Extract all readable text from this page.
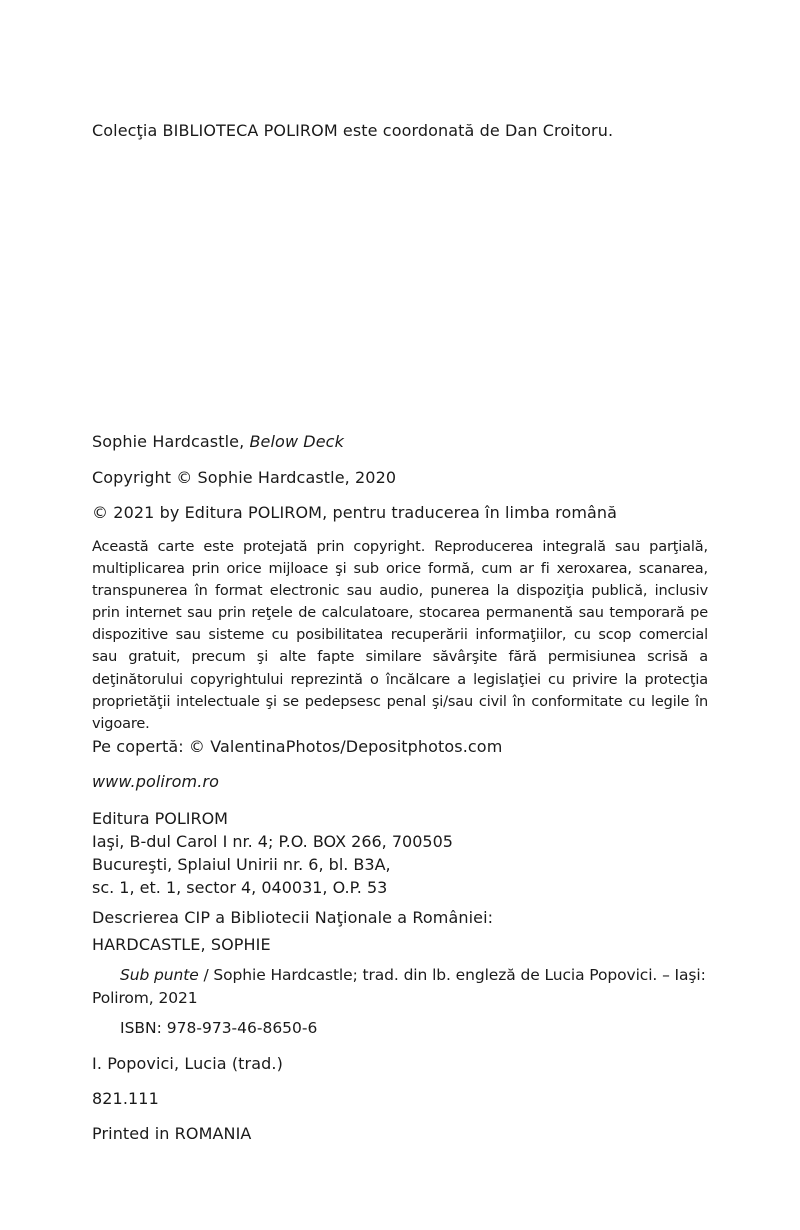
Colecţia BIBLIOTECA POLIROM este coordonată de Dan Croitoru.

Sophie Hardcastle, Below Deck

Copyright © Sophie Hardcastle, 2020

© 2021 by Editura POLIROM, pentru traducerea în limba română

Această carte este protejată prin copyright. Reproducerea integrală sau parţială, multiplicarea prin orice mijloace şi sub orice formă, cum ar fi xeroxarea, scanarea, transpunerea în format electronic sau audio, punerea la dispoziţia publică, inclusiv prin internet sau prin reţele de calculatoare, stocarea permanentă sau temporară pe dispozitive sau sisteme cu posibilitatea recuperării informaţiilor, cu scop comercial sau gratuit, precum şi alte fapte similare săvârşite fără permisiunea scrisă a deţinătorului copyrightului reprezintă o încălcare a legislaţiei cu privire la protecţia proprietăţii intelectuale şi se pedepsesc penal şi/sau civil în conformitate cu legile în vigoare.

Pe copertă: © ValentinaPhotos/Depositphotos.com

www.polirom.ro

Editura POLIROM
Iaşi, B-dul Carol I nr. 4; P.O. BOX 266, 700505
Bucureşti, Splaiul Unirii nr. 6, bl. B3A,
sc. 1, et. 1, sector 4, 040031, O.P. 53

Descrierea CIP a Bibliotecii Naţionale a României:

HARDCASTLE, SOPHIE

Sub punte / Sophie Hardcastle; trad. din lb. engleză de Lucia Popovici. – Iaşi: Polirom, 2021

ISBN: 978-973-46-8650-6

I. Popovici, Lucia (trad.)

821.111

Printed in ROMANIA
